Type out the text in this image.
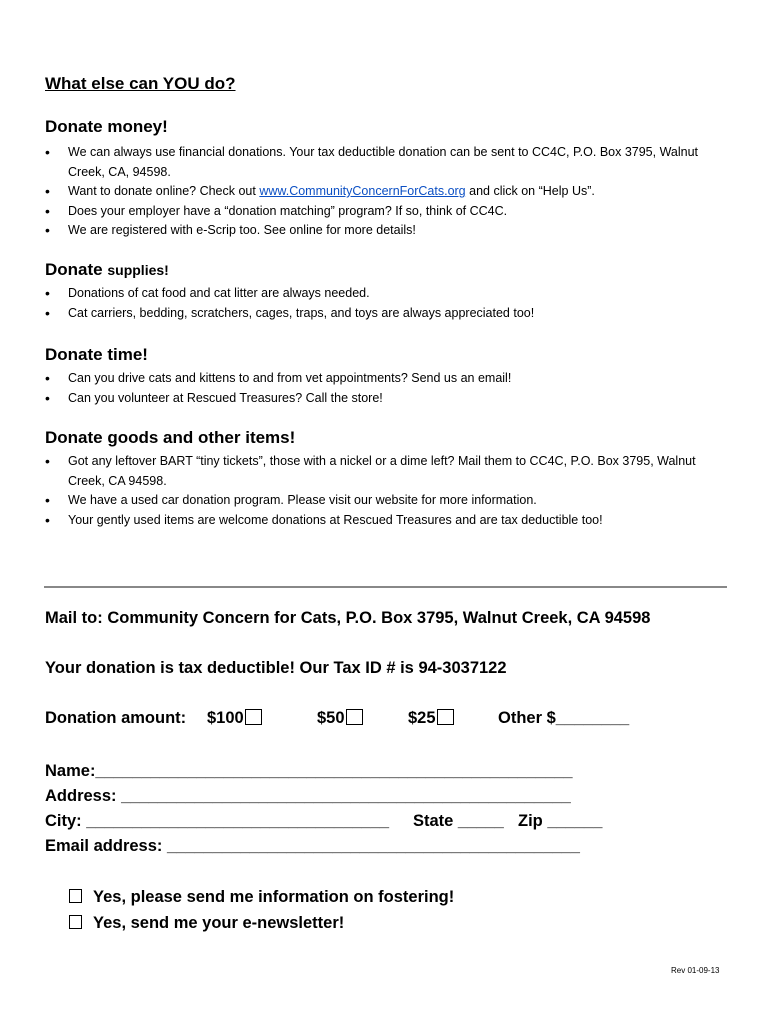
What else can YOU do?
Donate money!
• We can always use financial donations. Your tax deductible donation can be sent to CC4C, P.O. Box 3795, Walnut Creek, CA, 94598.
• Want to donate online? Check out www.CommunityConcernForCats.org and click on “Help Us”.
• Does your employer have a “donation matching” program? If so, think of CC4C.
• We are registered with e-Scrip too. See online for more details!
Donate supplies!
• Donations of cat food and cat litter are always needed.
• Cat carriers, bedding, scratchers, cages, traps, and toys are always appreciated too!
Donate time!
• Can you drive cats and kittens to and from vet appointments? Send us an email!
• Can you volunteer at Rescued Treasures? Call the store!
Donate goods and other items!
• Got any leftover BART “tiny tickets”, those with a nickel or a dime left? Mail them to CC4C, P.O. Box 3795, Walnut Creek, CA 94598.
• We have a used car donation program. Please visit our website for more information.
• Your gently used items are welcome donations at Rescued Treasures and are tax deductible too!
Mail to: Community Concern for Cats, P.O. Box 3795, Walnut Creek, CA 94598
Your donation is tax deductible! Our Tax ID # is 94-3037122
Donation amount: $100	$50	$25	Other $________
Name:____________________________________________________
Address: _________________________________________________
City: _________________________________ State _____ Zip ______
Email address: _____________________________________________
Yes, please send me information on fostering!
Yes, send me your e-newsletter!
Rev 01-09-13
